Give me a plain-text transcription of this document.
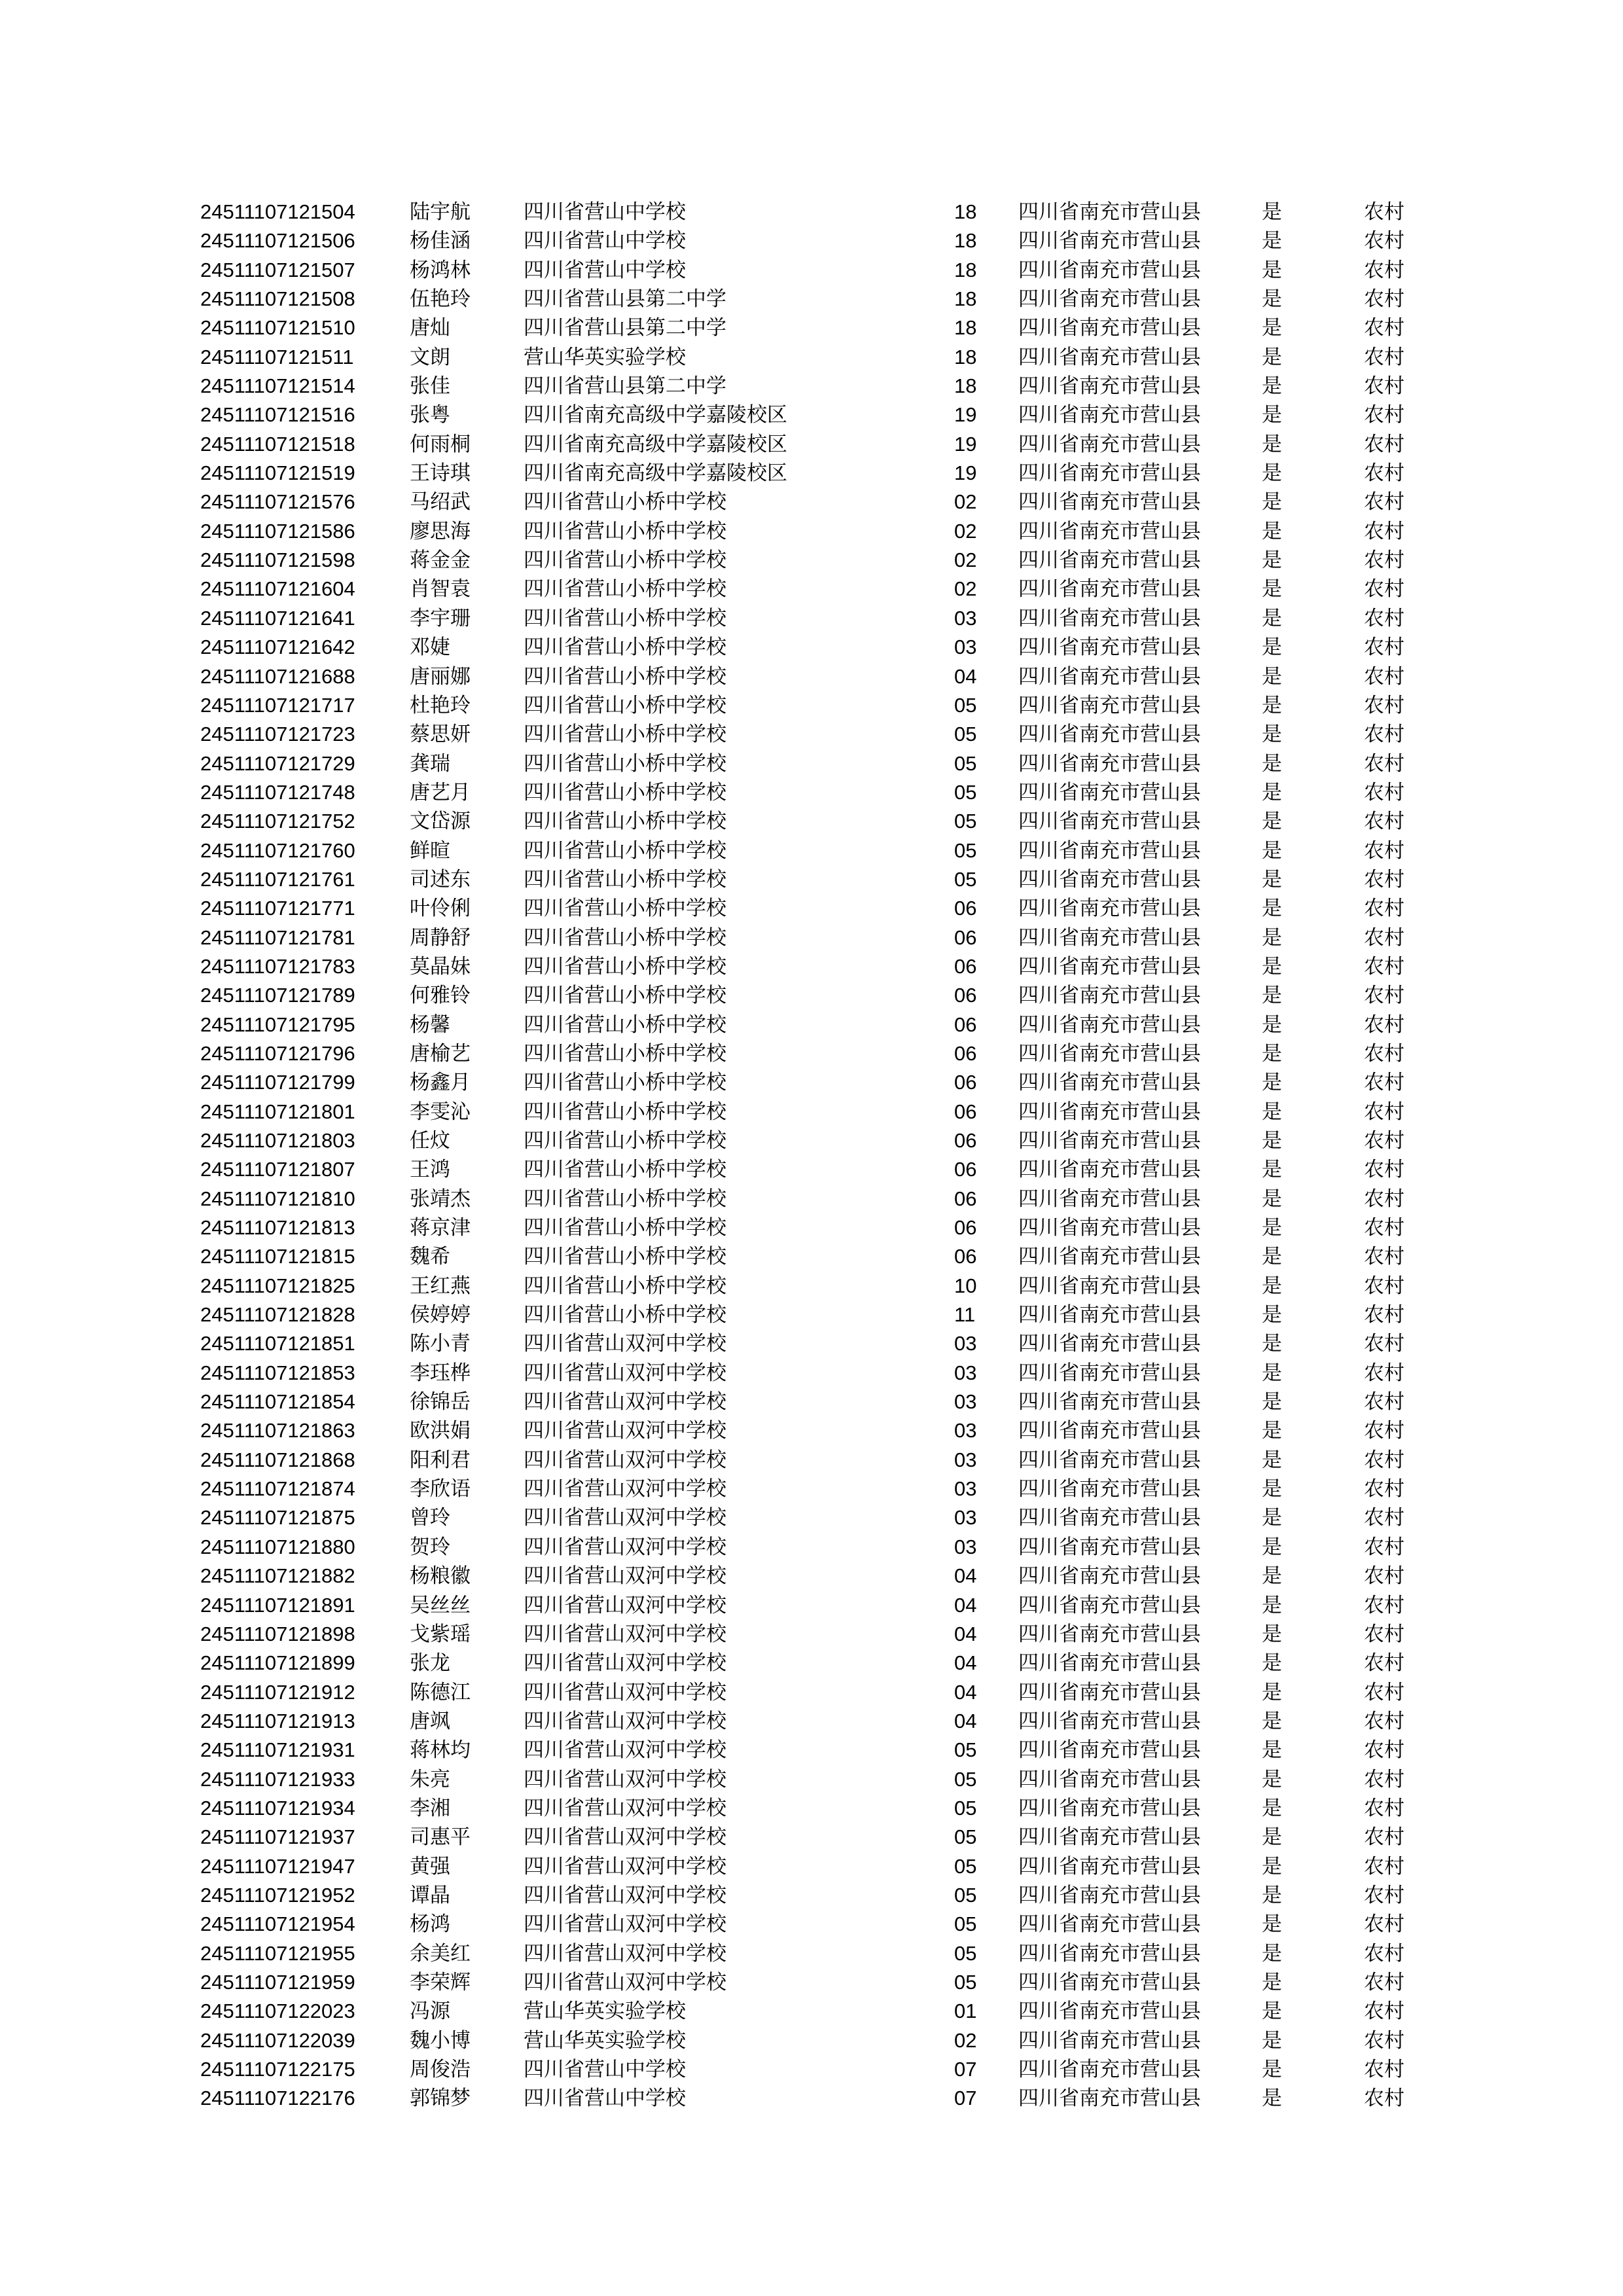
24511107121504	陆宇航	四川省营山中学校	18 四川省南充市营山县	是	农村
24511107121506	杨佳涵	四川省营山中学校	18 四川省南充市营山县	是	农村
24511107121507	杨鸿林	四川省营山中学校	18 四川省南充市营山县	是	农村
24511107121508	伍艳玲	四川省营山县第二中学	18 四川省南充市营山县	是	农村
24511107121510	唐灿	四川省营山县第二中学	18 四川省南充市营山县	是	农村
24511107121511	文朗	营山华英实验学校	18 四川省南充市营山县	是	农村
24511107121514	张佳	四川省营山县第二中学	18 四川省南充市营山县	是	农村
24511107121516	张粤	四川省南充高级中学嘉陵校区	19 四川省南充市营山县	是	农村
24511107121518	何雨桐	四川省南充高级中学嘉陵校区	19 四川省南充市营山县	是	农村
24511107121519	王诗琪	四川省南充高级中学嘉陵校区	19 四川省南充市营山县	是	农村
24511107121576	马绍武	四川省营山小桥中学校	02 四川省南充市营山县	是	农村
24511107121586	廖思海	四川省营山小桥中学校	02 四川省南充市营山县	是	农村
24511107121598	蒋金金	四川省营山小桥中学校	02 四川省南充市营山县	是	农村
24511107121604	肖智袁	四川省营山小桥中学校	02 四川省南充市营山县	是	农村
24511107121641	李宇珊	四川省营山小桥中学校	03 四川省南充市营山县	是	农村
24511107121642	邓婕	四川省营山小桥中学校	03 四川省南充市营山县	是	农村
24511107121688	唐丽娜	四川省营山小桥中学校	04 四川省南充市营山县	是	农村
24511107121717	杜艳玲	四川省营山小桥中学校	05 四川省南充市营山县	是	农村
24511107121723	蔡思妍	四川省营山小桥中学校	05 四川省南充市营山县	是	农村
24511107121729	龚瑞	四川省营山小桥中学校	05 四川省南充市营山县	是	农村
24511107121748	唐艺月	四川省营山小桥中学校	05 四川省南充市营山县	是	农村
24511107121752	文岱源	四川省营山小桥中学校	05 四川省南充市营山县	是	农村
24511107121760	鲜暄	四川省营山小桥中学校	05 四川省南充市营山县	是	农村
24511107121761	司述东	四川省营山小桥中学校	05 四川省南充市营山县	是	农村
24511107121771	叶伶俐	四川省营山小桥中学校	06 四川省南充市营山县	是	农村
24511107121781	周静舒	四川省营山小桥中学校	06 四川省南充市营山县	是	农村
24511107121783	莫晶妹	四川省营山小桥中学校	06 四川省南充市营山县	是	农村
24511107121789	何雅铃	四川省营山小桥中学校	06 四川省南充市营山县	是	农村
24511107121795	杨馨	四川省营山小桥中学校	06 四川省南充市营山县	是	农村
24511107121796	唐榆艺	四川省营山小桥中学校	06 四川省南充市营山县	是	农村
24511107121799	杨鑫月	四川省营山小桥中学校	06 四川省南充市营山县	是	农村
24511107121801	李雯沁	四川省营山小桥中学校	06 四川省南充市营山县	是	农村
24511107121803	任炆	四川省营山小桥中学校	06 四川省南充市营山县	是	农村
24511107121807	王鸿	四川省营山小桥中学校	06 四川省南充市营山县	是	农村
24511107121810	张靖杰	四川省营山小桥中学校	06 四川省南充市营山县	是	农村
24511107121813	蒋京津	四川省营山小桥中学校	06 四川省南充市营山县	是	农村
24511107121815	魏希	四川省营山小桥中学校	06 四川省南充市营山县	是	农村
24511107121825	王红燕	四川省营山小桥中学校	10 四川省南充市营山县	是	农村
24511107121828	侯婷婷	四川省营山小桥中学校	11 四川省南充市营山县	是	农村
24511107121851	陈小青	四川省营山双河中学校	03 四川省南充市营山县	是	农村
24511107121853	李珏桦	四川省营山双河中学校	03 四川省南充市营山县	是	农村
24511107121854	徐锦岳	四川省营山双河中学校	03 四川省南充市营山县	是	农村
24511107121863	欧洪娟	四川省营山双河中学校	03 四川省南充市营山县	是	农村
24511107121868	阳利君	四川省营山双河中学校	03 四川省南充市营山县	是	农村
24511107121874	李欣语	四川省营山双河中学校	03 四川省南充市营山县	是	农村
24511107121875	曾玲	四川省营山双河中学校	03 四川省南充市营山县	是	农村
24511107121880	贺玲	四川省营山双河中学校	03 四川省南充市营山县	是	农村
24511107121882	杨粮徽	四川省营山双河中学校	04 四川省南充市营山县	是	农村
24511107121891	吴丝丝	四川省营山双河中学校	04 四川省南充市营山县	是	农村
24511107121898	戈紫瑶	四川省营山双河中学校	04 四川省南充市营山县	是	农村
24511107121899	张龙	四川省营山双河中学校	04 四川省南充市营山县	是	农村
24511107121912	陈德江	四川省营山双河中学校	04 四川省南充市营山县	是	农村
24511107121913	唐飒	四川省营山双河中学校	04 四川省南充市营山县	是	农村
24511107121931	蒋林均	四川省营山双河中学校	05 四川省南充市营山县	是	农村
24511107121933	朱亮	四川省营山双河中学校	05 四川省南充市营山县	是	农村
24511107121934	李湘	四川省营山双河中学校	05 四川省南充市营山县	是	农村
24511107121937	司惠平	四川省营山双河中学校	05 四川省南充市营山县	是	农村
24511107121947	黄强	四川省营山双河中学校	05 四川省南充市营山县	是	农村
24511107121952	谭晶	四川省营山双河中学校	05 四川省南充市营山县	是	农村
24511107121954	杨鸿	四川省营山双河中学校	05 四川省南充市营山县	是	农村
24511107121955	余美红	四川省营山双河中学校	05 四川省南充市营山县	是	农村
24511107121959	李荣辉	四川省营山双河中学校	05 四川省南充市营山县	是	农村
24511107122023	冯源	营山华英实验学校	01 四川省南充市营山县	是	农村
24511107122039	魏小博	营山华英实验学校	02 四川省南充市营山县	是	农村
24511107122175	周俊浩	四川省营山中学校	07 四川省南充市营山县	是	农村
24511107122176	郭锦梦	四川省营山中学校	07 四川省南充市营山县	是	农村
